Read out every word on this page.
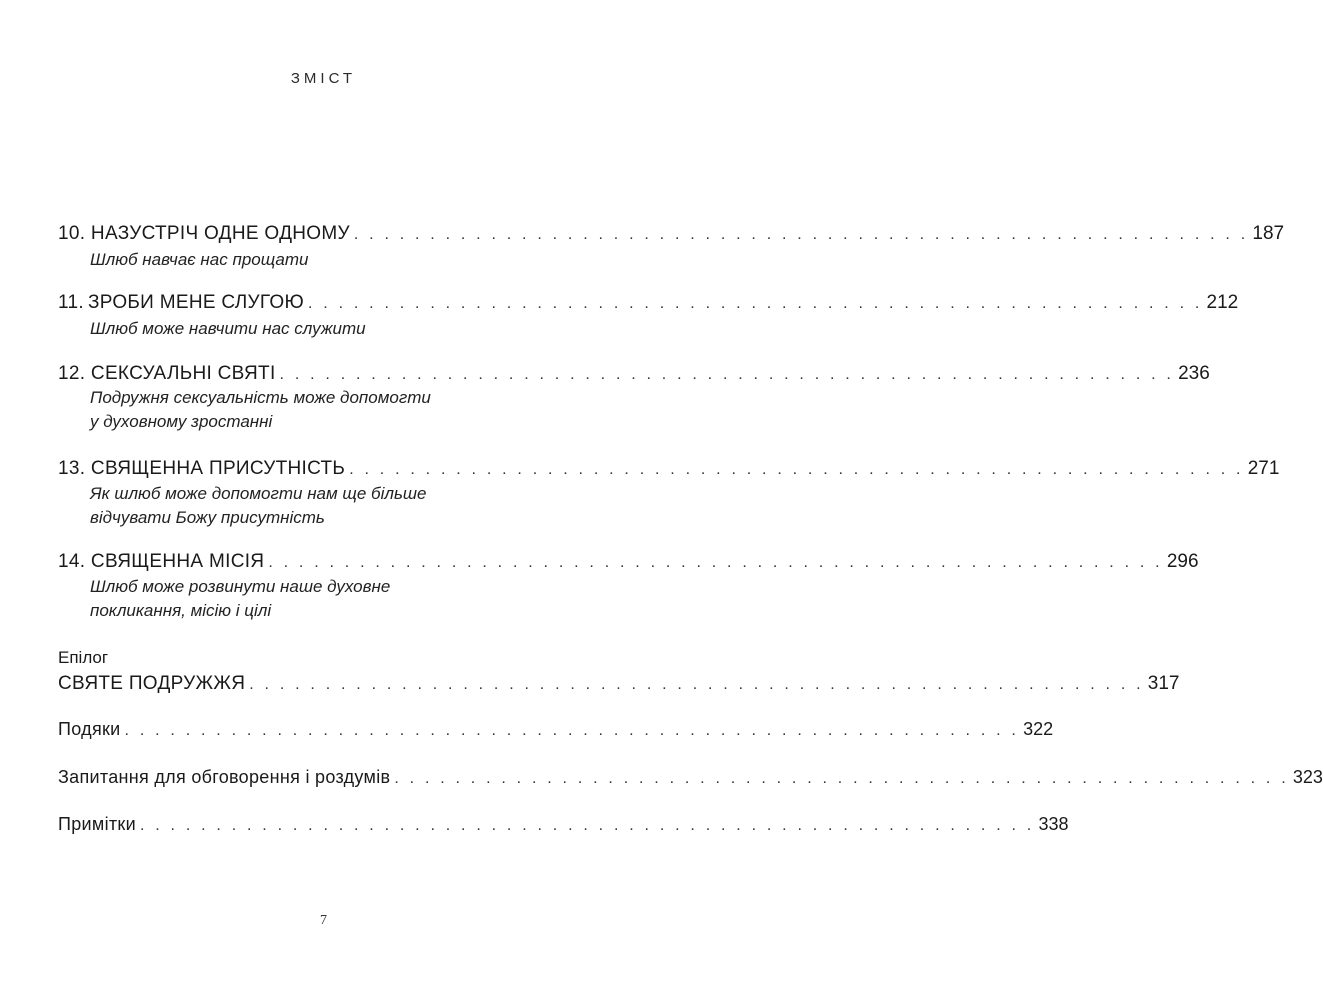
ЗМІСТ
10. НАЗУСТРІЧ ОДНЕ ОДНОМУ . . . . . . . . . . . . . . . . . . . . . . . . . . . . . . . . . . . . . . . . . . . . . . . . . . . . . . . . . . . 187
Шлюб навчає нас прощати
11. ЗРОБИ МЕНЕ СЛУГОЮ . . . . . . . . . . . . . . . . . . . . . . . . . . . . . . . . . . . . . . . . . . . . . . . . . . . . . . . . . . . 212
Шлюб може навчити нас служити
12. СЕКСУАЛЬНІ СВЯТІ . . . . . . . . . . . . . . . . . . . . . . . . . . . . . . . . . . . . . . . . . . . . . . . . . . . . . . . . . . . 236
Подружня сексуальність може допомогти
у духовному зростанні
13. СВЯЩЕННА ПРИСУТНІСТЬ . . . . . . . . . . . . . . . . . . . . . . . . . . . . . . . . . . . . . . . . . . . . . . . . . . . . . . . . . . . 271
Як шлюб може допомогти нам ще більше
відчувати Божу присутність
14. СВЯЩЕННА МІСІЯ . . . . . . . . . . . . . . . . . . . . . . . . . . . . . . . . . . . . . . . . . . . . . . . . . . . . . . . . . . . 296
Шлюб може розвинути наше духовне
покликання, місію і цілі
Епілог
СВЯТЕ ПОДРУЖЖЯ . . . . . . . . . . . . . . . . . . . . . . . . . . . . . . . . . . . . . . . . . . . . . . . . . . . . . . . . . . . 317
Подяки . . . . . . . . . . . . . . . . . . . . . . . . . . . . . . . . . . . . . . . . . . . . . . . . . . . . . . . . . . . 322
Запитання для обговорення і роздумів . . . . . . . . . . . . . . . . . . . . . . . . . . . . . . . . . . . . . . . . . . . . . . . . . . . . . . . . . . . 323
Примітки . . . . . . . . . . . . . . . . . . . . . . . . . . . . . . . . . . . . . . . . . . . . . . . . . . . . . . . . . . . 338
7
